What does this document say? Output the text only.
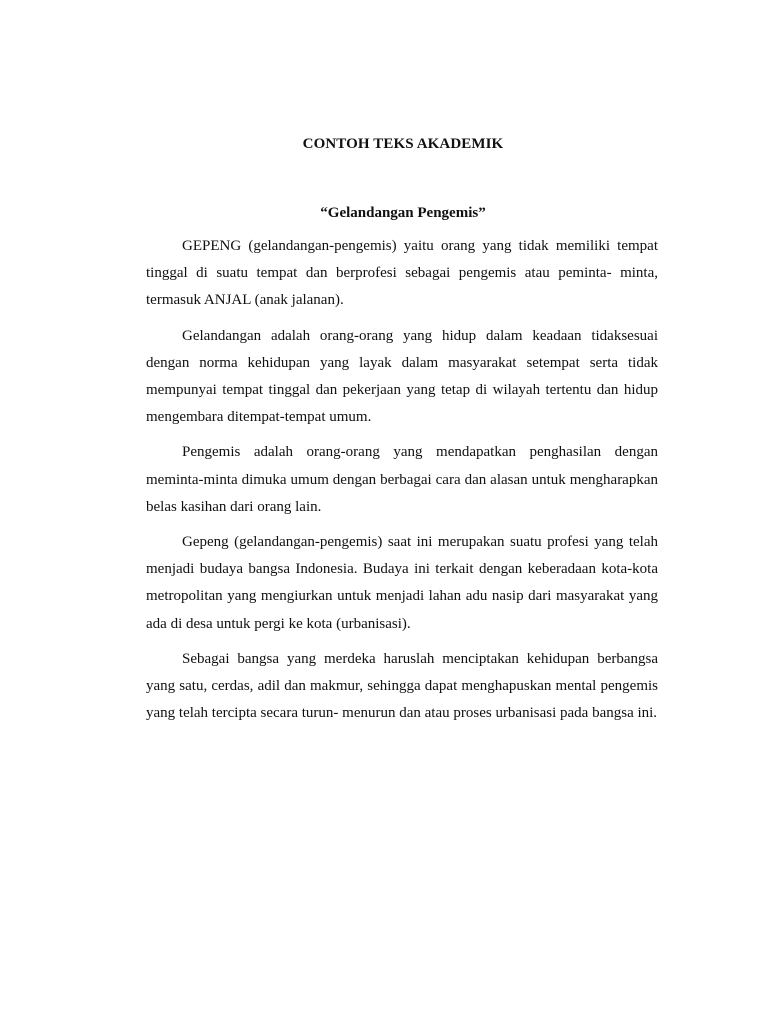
CONTOH TEKS AKADEMIK
“Gelandangan Pengemis”

GEPENG (gelandangan-pengemis) yaitu orang yang tidak memiliki tempat tinggal di suatu tempat dan berprofesi sebagai pengemis atau peminta- minta, termasuk ANJAL (anak jalanan).

Gelandangan adalah orang-orang yang hidup dalam keadaan tidaksesuai dengan norma kehidupan yang layak dalam masyarakat setempat serta tidak mempunyai tempat tinggal dan pekerjaan yang tetap di wilayah tertentu dan hidup mengembara ditempat-tempat umum.

Pengemis adalah orang-orang yang mendapatkan penghasilan dengan meminta-minta dimuka umum dengan berbagai cara dan alasan untuk mengharapkan belas kasihan dari orang lain.

Gepeng (gelandangan-pengemis) saat ini merupakan suatu profesi yang telah menjadi budaya bangsa Indonesia. Budaya ini terkait dengan keberadaan kota-kota metropolitan yang mengiurkan untuk menjadi lahan adu nasip dari masyarakat yang ada di desa untuk pergi ke kota (urbanisasi).

Sebagai bangsa yang merdeka haruslah menciptakan kehidupan berbangsa yang satu, cerdas, adil dan makmur, sehingga dapat menghapuskan mental pengemis yang telah tercipta secara turun- menurun dan atau proses urbanisasi pada bangsa ini.
